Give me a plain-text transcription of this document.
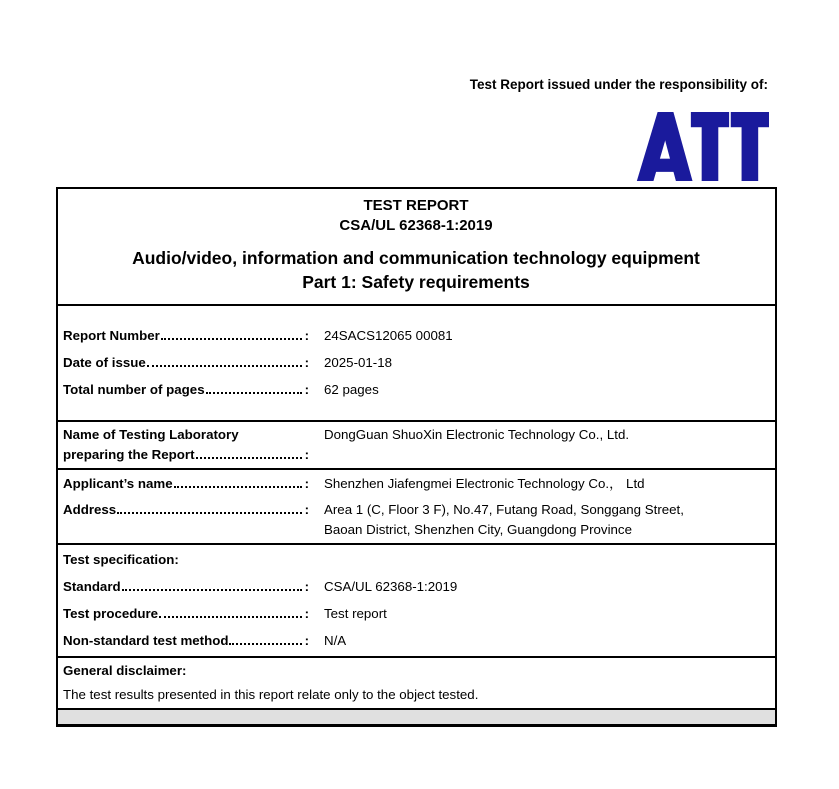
Test Report issued under the responsibility of:
TEST REPORT
CSA/UL 62368-1:2019
Audio/video, information and communication technology equipment
Part 1: Safety requirements
Report Number	: 24SACS12065 00081
Date of issue	: 2025-01-18
Total number of pages	: 62 pages
Name of Testing Laboratory
preparing the Report	:
DongGuan ShuoXin Electronic Technology Co., Ltd.
Applicant’s name	: Shenzhen Jiafengmei Electronic Technology Co.， Ltd
Address	: Area 1 (C, Floor 3 F), No.47, Futang Road, Songgang Street,
Baoan District, Shenzhen City, Guangdong Province
Test specification:
Standard	: CSA/UL 62368-1:2019
Test procedure	: Test report
Non-standard test method	: N/A
General disclaimer:
The test results presented in this report relate only to the object tested.
